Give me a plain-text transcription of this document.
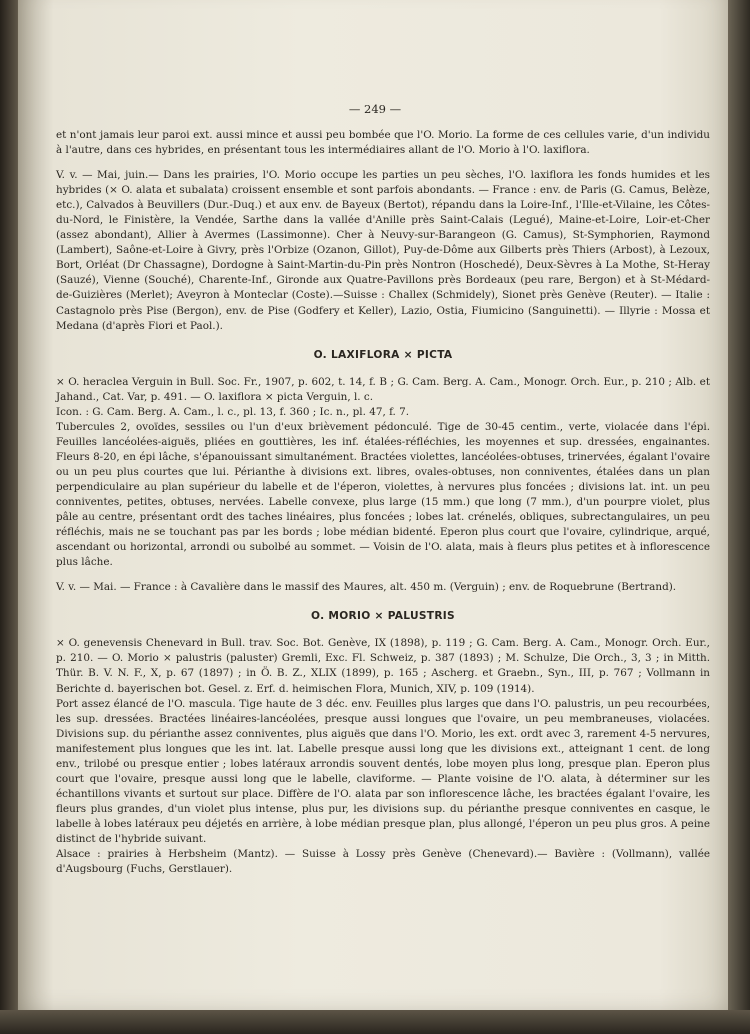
— 249 —

et n'ont jamais leur paroi ext. aussi mince et aussi peu bombée que l'O. Morio. La forme de ces cellules varie, d'un individu à l'autre, dans ces hybrides, en présentant tous les intermédiaires allant de l'O. Morio à l'O. laxiflora.

V. v. — Mai, juin.— Dans les prairies, l'O. Morio occupe les parties un peu sèches, l'O. laxiflora les fonds humides et les hybrides (× O. alata et subalata) croissent ensemble et sont parfois abondants. — France : env. de Paris (G. Camus, Belèze, etc.), Calvados à Beuvillers (Dur.-Duq.) et aux env. de Bayeux (Bertot), répandu dans la Loire-Inf., l'Ille-et-Vilaine, les Côtes-du-Nord, le Finistère, la Vendée, Sarthe dans la vallée d'Anille près Saint-Calais (Legué), Maine-et-Loire, Loir-et-Cher (assez abondant), Allier à Avermes (Lassimonne). Cher à Neuvy-sur-Barangeon (G. Camus), St-Symphorien, Raymond (Lambert), Saône-et-Loire à Givry, près l'Orbize (Ozanon, Gillot), Puy-de-Dôme aux Gilberts près Thiers (Arbost), à Lezoux, Bort, Orléat (Dr Chassagne), Dordogne à Saint-Martin-du-Pin près Nontron (Hoschedé), Deux-Sèvres à La Mothe, St-Heray (Sauzé), Vienne (Souché), Charente-Inf., Gironde aux Quatre-Pavillons près Bordeaux (peu rare, Bergon) et à St-Médard-de-Guizières (Merlet); Aveyron à Monteclar (Coste).—Suisse : Challex (Schmidely), Sionet près Genève (Reuter). — Italie : Castagnolo près Pise (Bergon), env. de Pise (Godfery et Keller), Lazio, Ostia, Fiumicino (Sanguinetti). — Illyrie : Mossa et Medana (d'après Fiori et Paol.).

O. LAXIFLORA × PICTA

× O. heraclea Verguin in Bull. Soc. Fr., 1907, p. 602, t. 14, f. B ; G. Cam. Berg. A. Cam., Monogr. Orch. Eur., p. 210 ; Alb. et Jahand., Cat. Var, p. 491. — O. laxiflora × picta Verguin, l. c.

Icon. : G. Cam. Berg. A. Cam., l. c., pl. 13, f. 360 ; Ic. n., pl. 47, f. 7.

Tubercules 2, ovoïdes, sessiles ou l'un d'eux brièvement pédonculé. Tige de 30-45 centim., verte, violacée dans l'épi. Feuilles lancéolées-aiguës, pliées en gouttières, les inf. étalées-réfléchies, les moyennes et sup. dressées, engainantes. Fleurs 8-20, en épi lâche, s'épanouissant simultanément. Bractées violettes, lancéolées-obtuses, trinervées, égalant l'ovaire ou un peu plus courtes que lui. Périanthe à divisions ext. libres, ovales-obtuses, non conniventes, étalées dans un plan perpendiculaire au plan supérieur du labelle et de l'éperon, violettes, à nervures plus foncées ; divisions lat. int. un peu conniventes, petites, obtuses, nervées. Labelle convexe, plus large (15 mm.) que long (7 mm.), d'un pourpre violet, plus pâle au centre, présentant ordt des taches linéaires, plus foncées ; lobes lat. crénelés, obliques, subrectangulaires, un peu réfléchis, mais ne se touchant pas par les bords ; lobe médian bidenté. Eperon plus court que l'ovaire, cylindrique, arqué, ascendant ou horizontal, arrondi ou subolbé au sommet. — Voisin de l'O. alata, mais à fleurs plus petites et à inflorescence plus lâche.

V. v. — Mai. — France : à Cavalière dans le massif des Maures, alt. 450 m. (Verguin) ; env. de Roquebrune (Bertrand).

O. MORIO × PALUSTRIS

× O. genevensis Chenevard in Bull. trav. Soc. Bot. Genève, IX (1898), p. 119 ; G. Cam. Berg. A. Cam., Monogr. Orch. Eur., p. 210. — O. Morio × palustris (paluster) Gremli, Exc. Fl. Schweiz, p. 387 (1893) ; M. Schulze, Die Orch., 3, 3 ; in Mitth. Thür. B. V. N. F., X, p. 67 (1897) ; in Ö. B. Z., XLIX (1899), p. 165 ; Ascherg. et Graebn., Syn., III, p. 767 ; Vollmann in Berichte d. bayerischen bot. Gesel. z. Erf. d. heimischen Flora, Munich, XIV, p. 109 (1914).

Port assez élancé de l'O. mascula. Tige haute de 3 déc. env. Feuilles plus larges que dans l'O. palustris, un peu recourbées, les sup. dressées. Bractées linéaires-lancéolées, presque aussi longues que l'ovaire, un peu membraneuses, violacées. Divisions sup. du périanthe assez conniventes, plus aiguës que dans l'O. Morio, les ext. ordt avec 3, rarement 4-5 nervures, manifestement plus longues que les int. lat. Labelle presque aussi long que les divisions ext., atteignant 1 cent. de long env., trilobé ou presque entier ; lobes latéraux arrondis souvent dentés, lobe moyen plus long, presque plan. Eperon plus court que l'ovaire, presque aussi long que le labelle, claviforme. — Plante voisine de l'O. alata, à déterminer sur les échantillons vivants et surtout sur place. Diffère de l'O. alata par son inflorescence lâche, les bractées égalant l'ovaire, les fleurs plus grandes, d'un violet plus intense, plus pur, les divisions sup. du périanthe presque conniventes en casque, le labelle à lobes latéraux peu déjetés en arrière, à lobe médian presque plan, plus allongé, l'éperon un peu plus gros. A peine distinct de l'hybride suivant.

Alsace : prairies à Herbsheim (Mantz). — Suisse à Lossy près Genève (Chenevard).— Bavière : (Vollmann), vallée d'Augsbourg (Fuchs, Gerstlauer).
